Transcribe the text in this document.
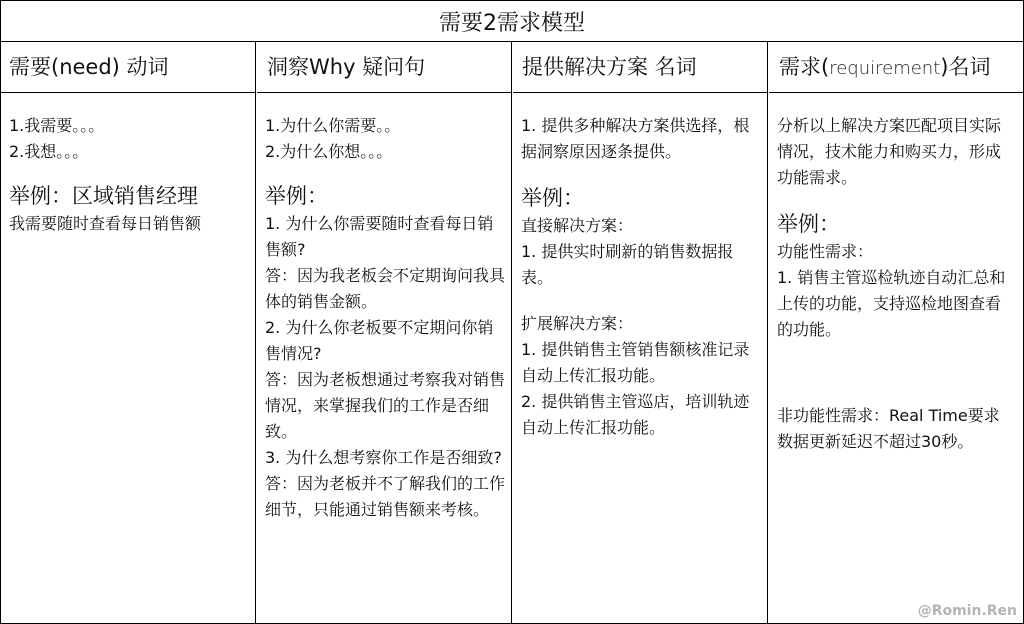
需要2需求模型
需要(need) 动词
1.我需要。。。
2.我想。。。
举例：区域销售经理
我需要随时查看每日销售额
洞察Why 疑问句
1.为什么你需要。。
2.为什么你想。。。
举例：
1. 为什么你需要随时查看每日销售额?
答：因为我老板会不定期询问我具体的销售金额。
2. 为什么你老板要不定期问你销售情况?
答：因为老板想通过考察我对销售情况，来掌握我们的工作是否细致。
3. 为什么想考察你工作是否细致?
答：因为老板并不了解我们的工作细节，只能通过销售额来考核。
提供解决方案 名词
1. 提供多种解决方案供选择，根据洞察原因逐条提供。
举例：
直接解决方案：
1. 提供实时刷新的销售数据报表。
扩展解决方案：
1. 提供销售主管销售额核准记录自动上传汇报功能。
2. 提供销售主管巡店，培训轨迹自动上传汇报功能。
需求(requirement)名词
分析以上解决方案匹配项目实际情况，技术能力和购买力，形成功能需求。
举例：
功能性需求：
1. 销售主管巡检轨迹自动汇总和上传的功能，支持巡检地图查看的功能。
非功能性需求：Real Time要求数据更新延迟不超过30秒。
@Romin.Ren
